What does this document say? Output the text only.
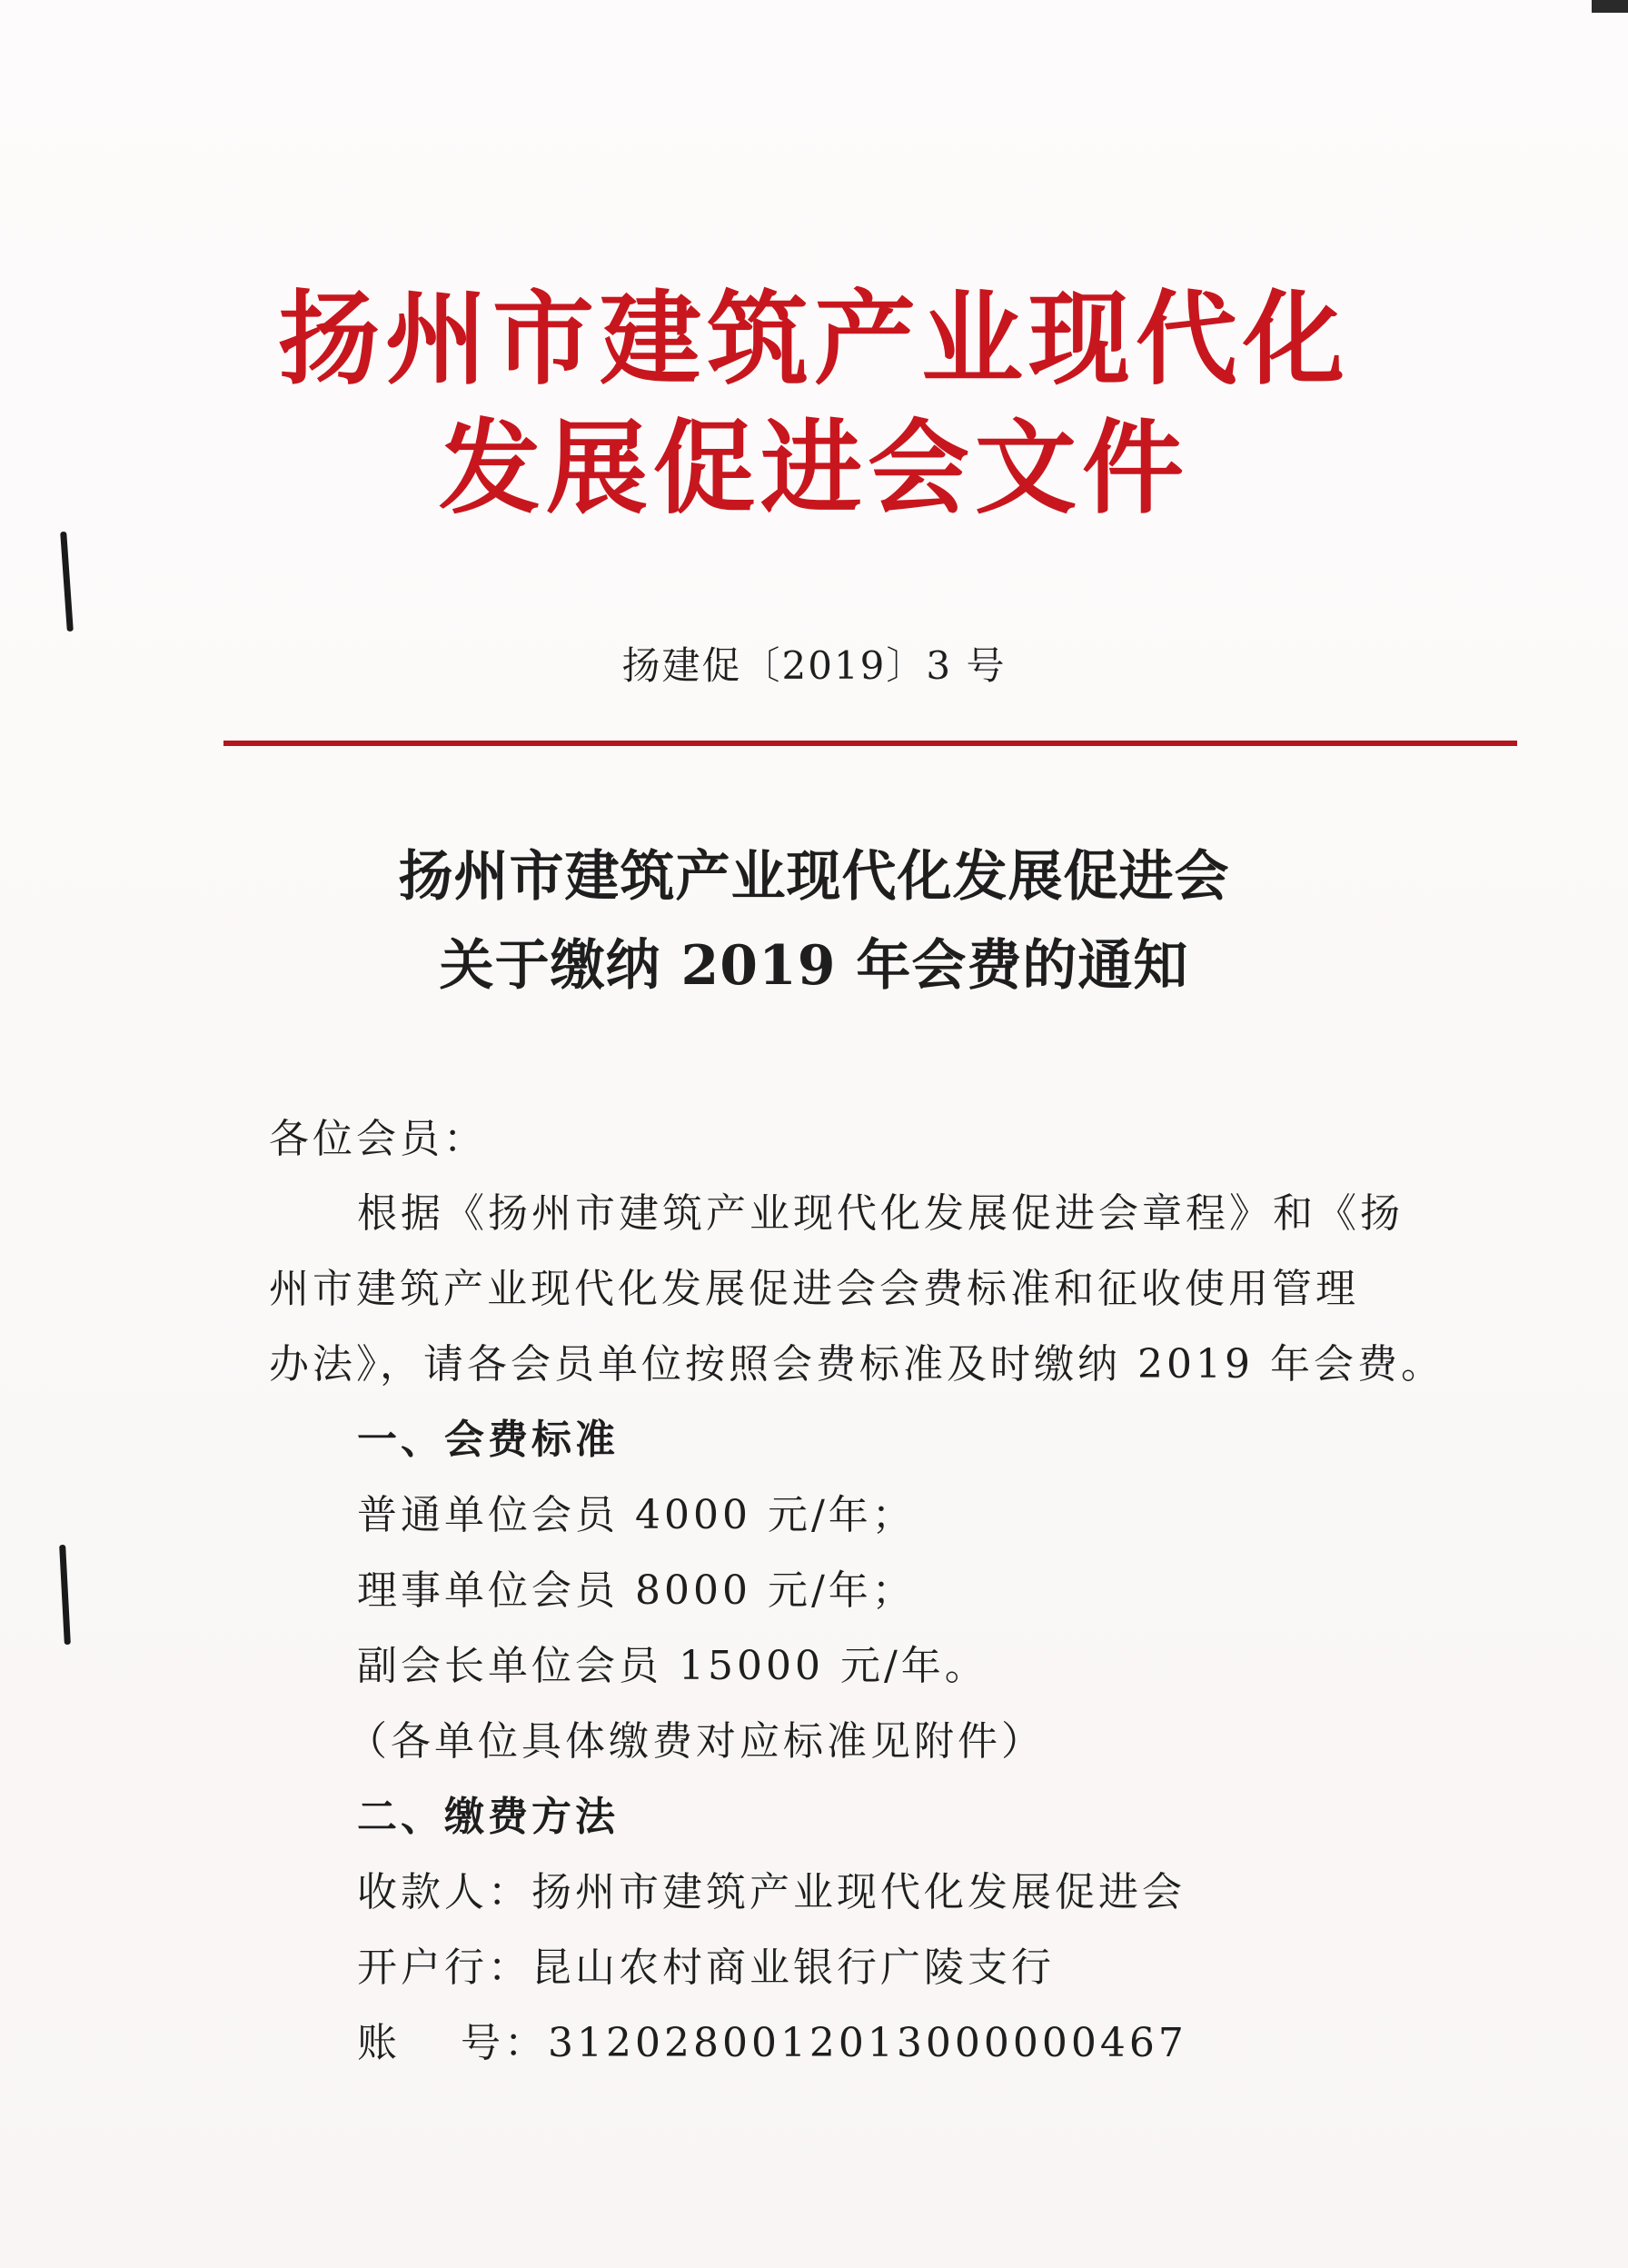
扬州市建筑产业现代化
发展促进会文件
扬建促〔2019〕3 号
扬州市建筑产业现代化发展促进会
关于缴纳 2019 年会费的通知
各位会员：
根据《扬州市建筑产业现代化发展促进会章程》和《扬
州市建筑产业现代化发展促进会会费标准和征收使用管理
办法》，请各会员单位按照会费标准及时缴纳 2019 年会费。
一、会费标准
普通单位会员 4000 元/年；
理事单位会员 8000 元/年；
副会长单位会员 15000 元/年。
（各单位具体缴费对应标准见附件）
二、缴费方法
收款人：扬州市建筑产业现代化发展促进会
开户行：昆山农村商业银行广陵支行
账　 号：3120280012013000000467
